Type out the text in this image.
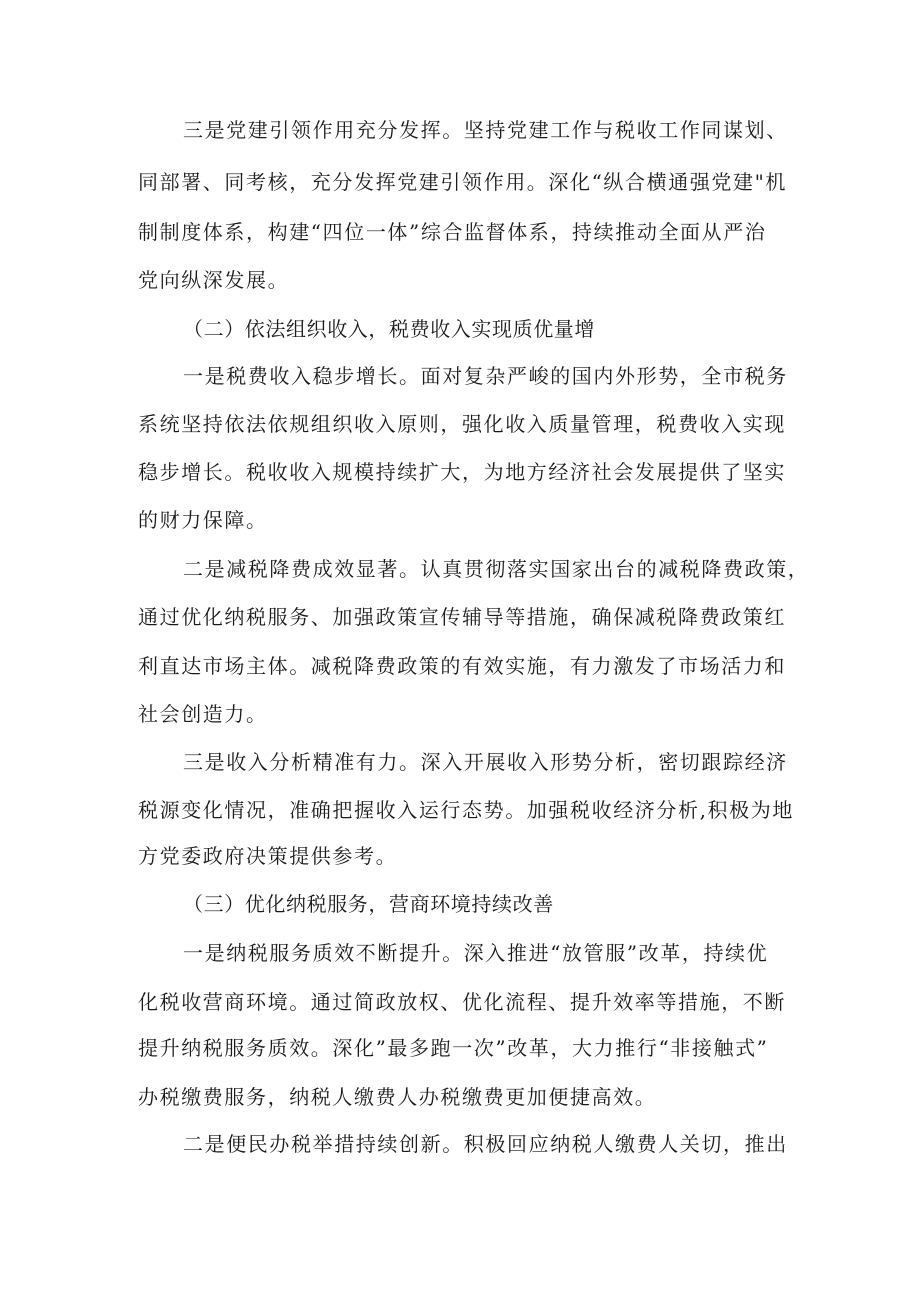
三是党建引领作用充分发挥。坚持党建工作与税收工作同谋划、
同部署、同考核，充分发挥党建引领作用。深化“纵合横通强党建"机
制制度体系，构建“四位一体”综合监督体系，持续推动全面从严治
党向纵深发展。
（二）依法组织收入，税费收入实现质优量增
一是税费收入稳步增长。面对复杂严峻的国内外形势，全市税务
系统坚持依法依规组织收入原则，强化收入质量管理，税费收入实现
稳步增长。税收收入规模持续扩大，为地方经济社会发展提供了坚实
的财力保障。
二是减税降费成效显著。认真贯彻落实国家出台的减税降费政策，
通过优化纳税服务、加强政策宣传辅导等措施，确保减税降费政策红
利直达市场主体。减税降费政策的有效实施，有力激发了市场活力和
社会创造力。
三是收入分析精准有力。深入开展收入形势分析，密切跟踪经济
税源变化情况，准确把握收入运行态势。加强税收经济分析,积极为地
方党委政府决策提供参考。
（三）优化纳税服务，营商环境持续改善
一是纳税服务质效不断提升。深入推进“放管服”改革，持续优
化税收营商环境。通过简政放权、优化流程、提升效率等措施，不断
提升纳税服务质效。深化”最多跑一次”改革，大力推行“非接触式”
办税缴费服务，纳税人缴费人办税缴费更加便捷高效。
二是便民办税举措持续创新。积极回应纳税人缴费人关切，推出
